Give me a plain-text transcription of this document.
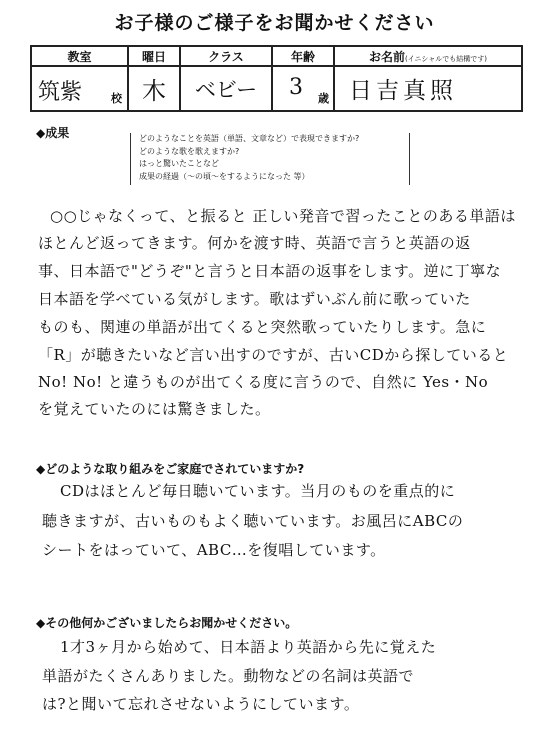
お子様のご様子をお聞かせください
教室	曜日	クラス	年齢	お名前(イニシャルでも結構です)

筑紫 校	木	ベビー	3 歳	日吉真照
◆成果	どのようなことを英語（単語、文章など）で表現できますか?
どのような歌を歌えますか?
はっと驚いたことなど
成果の経過（～の頃～をするようになった 等）
○○じゃなくって、と振ると 正しい発音で習ったことのある単語は
ほとんど返ってきます。何かを渡す時、英語で言うと英語の返
事、日本語で"どうぞ"と言うと日本語の返事をします。逆に丁寧な
日本語を学べている気がします。歌はずいぶん前に歌っていた
ものも、関連の単語が出てくると突然歌っていたりします。急に
「R」が聴きたいなど言い出すのですが、古いCDから探していると
No! No! と違うものが出てくる度に言うので、自然に Yes・No
を覚えていたのには驚きました。
◆どのような取り組みをご家庭でされていますか?
CDはほとんど毎日聴いています。当月のものを重点的に
聴きますが、古いものもよく聴いています。お風呂にABCの
シートをはっていて、ABC…を復唱しています。
◆その他何かございましたらお聞かせください。
1才3ヶ月から始めて、日本語より英語から先に覚えた
単語がたくさんありました。動物などの名詞は英語で
は?と聞いて忘れさせないようにしています。
